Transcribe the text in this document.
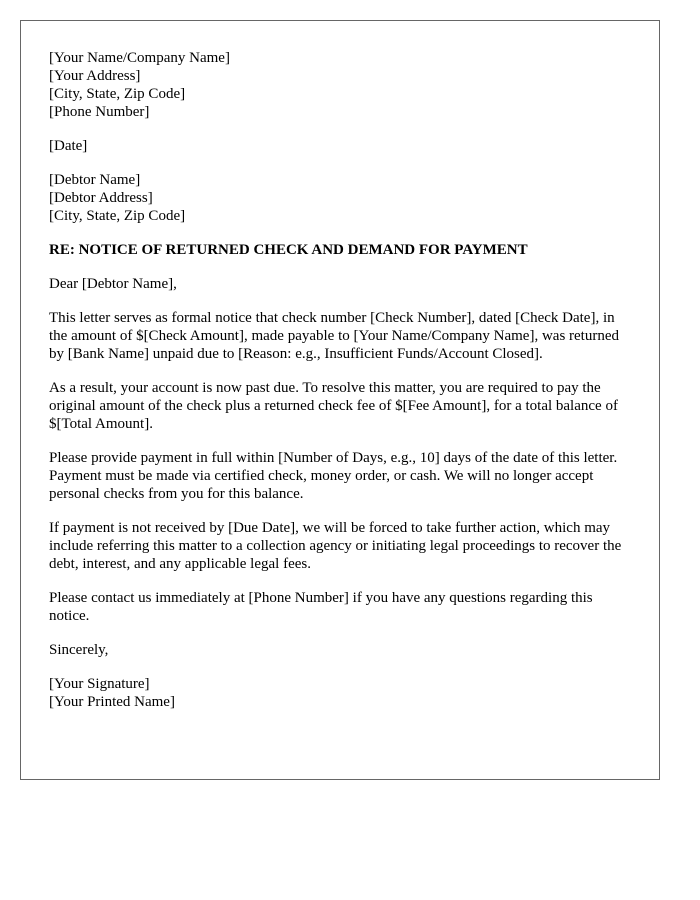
[Your Name/Company Name]
[Your Address]
[City, State, Zip Code]
[Phone Number]
[Date]
[Debtor Name]
[Debtor Address]
[City, State, Zip Code]
RE: NOTICE OF RETURNED CHECK AND DEMAND FOR PAYMENT

Dear [Debtor Name],

This letter serves as formal notice that check number [Check Number], dated [Check Date], in the amount of $[Check Amount], made payable to [Your Name/Company Name], was returned by [Bank Name] unpaid due to [Reason: e.g., Insufficient Funds/Account Closed].

As a result, your account is now past due. To resolve this matter, you are required to pay the original amount of the check plus a returned check fee of $[Fee Amount], for a total balance of $[Total Amount].

Please provide payment in full within [Number of Days, e.g., 10] days of the date of this letter. Payment must be made via certified check, money order, or cash. We will no longer accept personal checks from you for this balance.

If payment is not received by [Due Date], we will be forced to take further action, which may include referring this matter to a collection agency or initiating legal proceedings to recover the debt, interest, and any applicable legal fees.

Please contact us immediately at [Phone Number] if you have any questions regarding this notice.

Sincerely,

[Your Signature]
[Your Printed Name]
